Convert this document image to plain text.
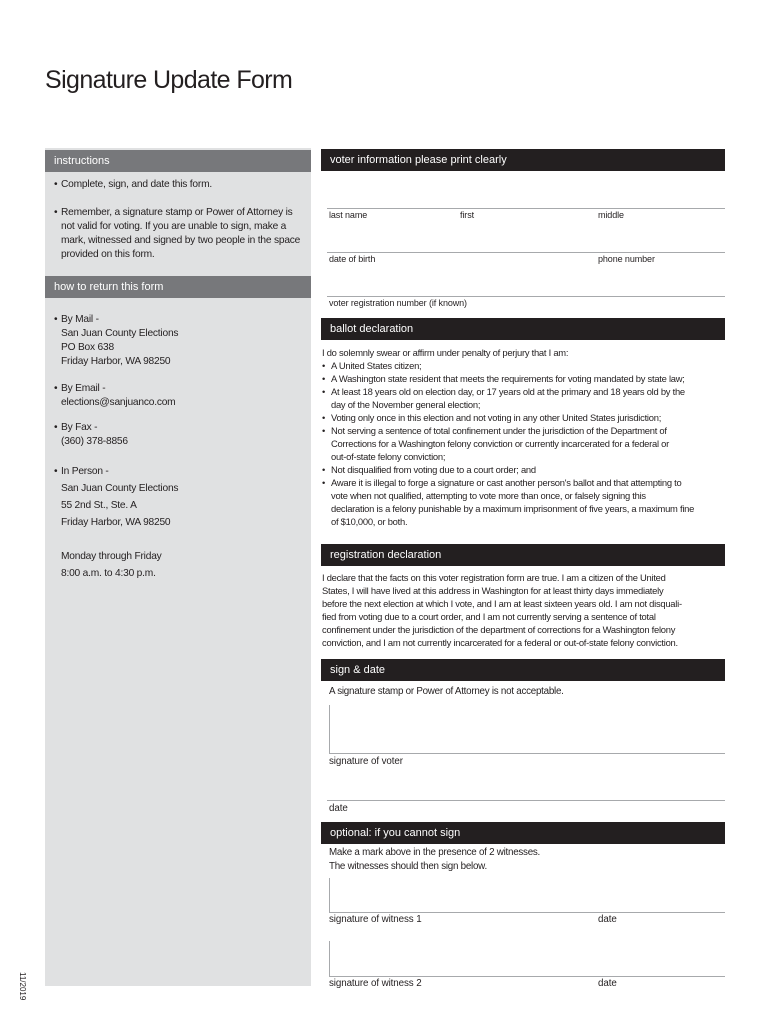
Signature Update Form
instructions
• Complete, sign, and date this form.
• Remember, a signature stamp or Power of Attorney is not valid for voting. If you are unable to sign, make a mark, witnessed and signed by two people in the space provided on this form.
how to return this form
• By Mail -
San Juan County Elections
PO Box 638
Friday Harbor, WA 98250
• By Email -
elections@sanjuanco.com
• By Fax -
(360) 378-8856
• In Person -
San Juan County Elections
55 2nd St., Ste. A
Friday Harbor, WA 98250
Monday through Friday
8:00 a.m. to 4:30 p.m.
11/2019
voter information please print clearly
last name	first	middle
date of birth	phone number
voter registration number (if known)
ballot declaration
I do solemnly swear or affirm under penalty of perjury that I am:
• A United States citizen;
• A Washington state resident that meets the requirements for voting mandated by state law;
• At least 18 years old on election day, or 17 years old at the primary and 18 years old by the
day of the November general election;
• Voting only once in this election and not voting in any other United States jurisdiction;
• Not serving a sentence of total confinement under the jurisdiction of the Department of
Corrections for a Washington felony conviction or currently incarcerated for a federal or
out-of-state felony conviction;
• Not disqualified from voting due to a court order; and
• Aware it is illegal to forge a signature or cast another person's ballot and that attempting to
vote when not qualified, attempting to vote more than once, or falsely signing this
declaration is a felony punishable by a maximum imprisonment of five years, a maximum fine
of $10,000, or both.
registration declaration
I declare that the facts on this voter registration form are true. I am a citizen of the United
States, I will have lived at this address in Washington for at least thirty days immediately
before the next election at which I vote, and I am at least sixteen years old. I am not disquali-
fied from voting due to a court order, and I am not currently serving a sentence of total
confinement under the jurisdiction of the department of corrections for a Washington felony
conviction, and I am not currently incarcerated for a federal or out-of-state felony conviction.
sign & date
A signature stamp or Power of Attorney is not acceptable.
signature of voter
date
optional: if you cannot sign
Make a mark above in the presence of 2 witnesses.
The witnesses should then sign below.
signature of witness 1	date
signature of witness 2	date
